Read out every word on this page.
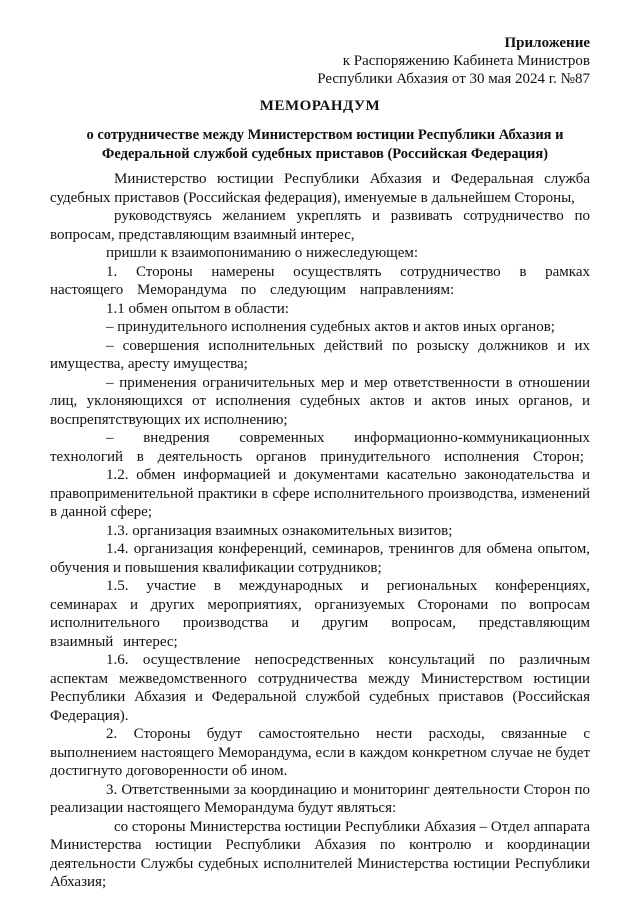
Приложение
к Распоряжению Кабинета Министров
Республики Абхазия от 30 мая 2024 г. №87
МЕМОРАНДУМ
о сотрудничестве между Министерством юстиции Республики Абхазия и Федеральной службой судебных приставов (Российская Федерация)

Министерство юстиции Республики Абхазия и Федеральная служба судебных приставов (Российская федерация), именуемые в дальнейшем Стороны,

руководствуясь желанием укреплять и развивать сотрудничество по вопросам, представляющим взаимный интерес,

пришли к взаимопониманию о нижеследующем:

1. Стороны намерены осуществлять сотрудничество в рамках настоящего Меморандума по следующим направлениям:

1.1 обмен опытом в области:

– принудительного исполнения судебных актов и актов иных органов;

– совершения исполнительных действий по розыску должников и их имущества, аресту имущества;

– применения ограничительных мер и мер ответственности в отношении лиц, уклоняющихся от исполнения судебных актов и актов иных органов, и воспрепятствующих их исполнению;

– внедрения современных информационно-коммуникационных технологий в деятельность органов принудительного исполнения Сторон;

1.2. обмен информацией и документами касательно законодательства и правоприменительной практики в сфере исполнительного производства, изменений в данной сфере;

1.3. организация взаимных ознакомительных визитов;

1.4. организация конференций, семинаров, тренингов для обмена опытом, обучения и повышения квалификации сотрудников;

1.5. участие в международных и региональных конференциях, семинарах и других мероприятиях, организуемых Сторонами по вопросам исполнительного производства и другим вопросам, представляющим взаимный интерес;

1.6. осуществление непосредственных консультаций по различным аспектам межведомственного сотрудничества между Министерством юстиции Республики Абхазия и Федеральной службой судебных приставов (Российская Федерация).

2. Стороны будут самостоятельно нести расходы, связанные с выполнением настоящего Меморандума, если в каждом конкретном случае не будет достигнуто договоренности об ином.

3. Ответственными за координацию и мониторинг деятельности Сторон по реализации настоящего Меморандума будут являться:

со стороны Министерства юстиции Республики Абхазия – Отдел аппарата Министерства юстиции Республики Абхазия по контролю и координации деятельности Службы судебных исполнителей Министерства юстиции Республики Абхазия;
